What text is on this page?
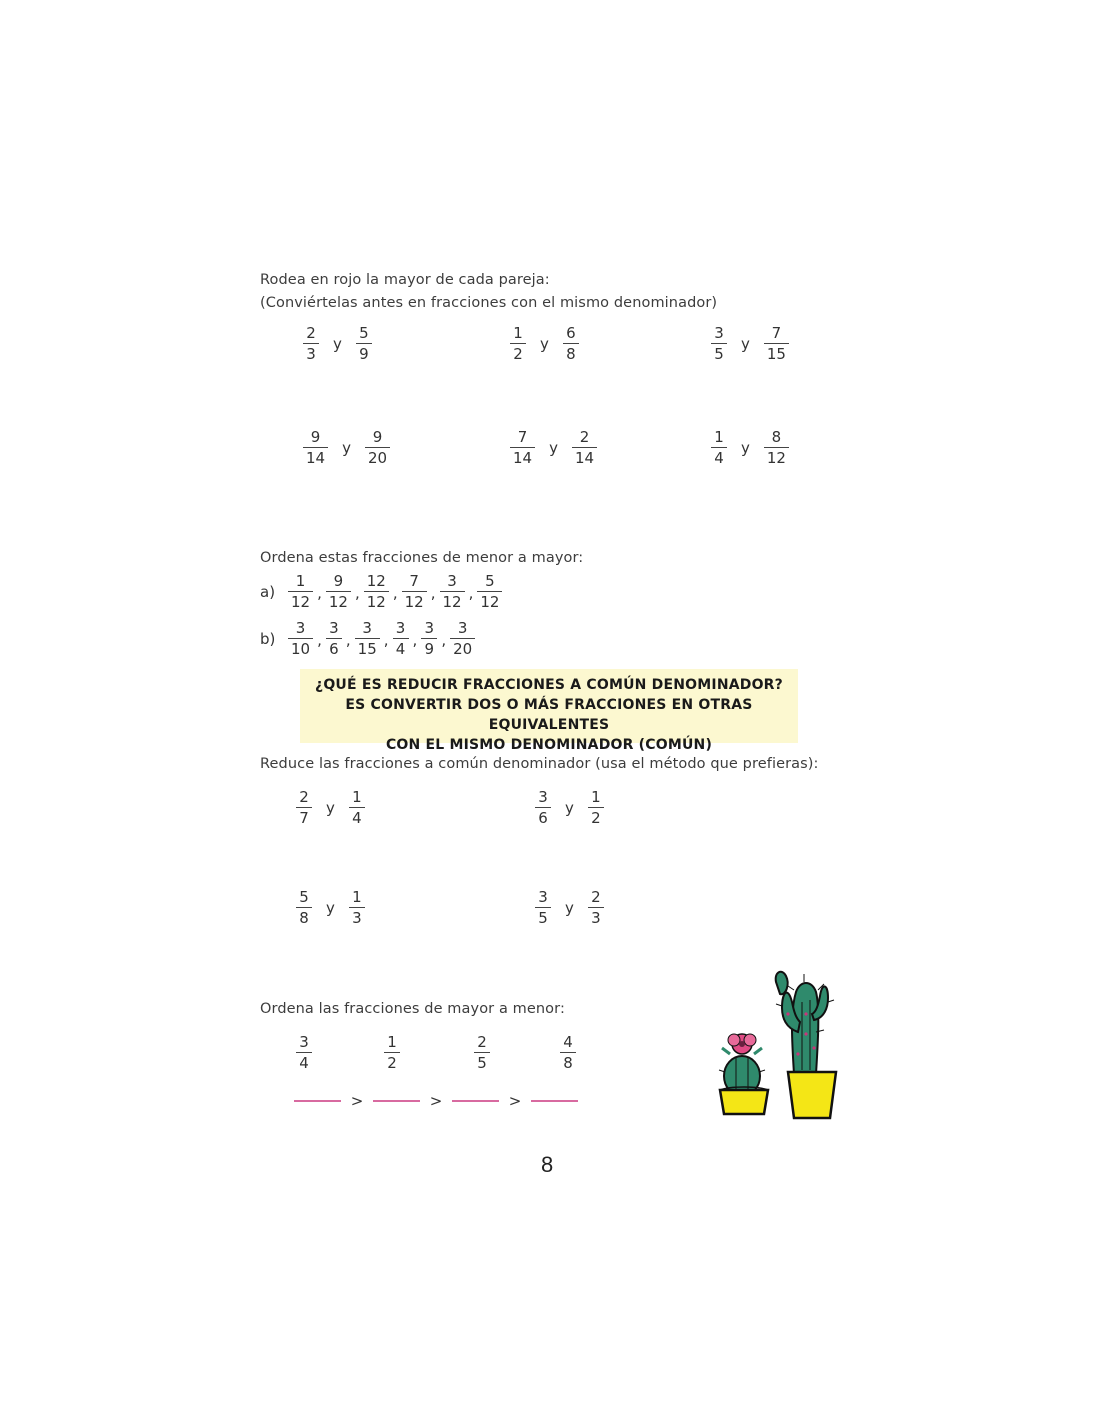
Rodea en rojo la mayor de cada pareja:
(Conviértelas antes en fracciones con el mismo denominador)
$\frac{2}{3}$ y $\frac{5}{9}$	$\frac{1}{2}$ y $\frac{6}{8}$	$\frac{3}{5}$ y $\frac{7}{15}$
$\frac{9}{14}$ y $\frac{9}{20}$	$\frac{7}{14}$ y $\frac{2}{14}$	$\frac{1}{4}$ y $\frac{8}{12}$
Ordena estas fracciones de menor a mayor:
$a) \frac{1}{12}$ , $\frac{9}{12}$ , $\frac{12}{12}$ , $\frac{7}{12}$ , $\frac{3}{12}$ , $\frac{5}{12}$
$b) \frac{3}{10}$ , $\frac{3}{6}$ , $\frac{3}{15}$ , $\frac{3}{4}$ , $\frac{3}{9}$ , $\frac{3}{20}$
¿QUÉ ES REDUCIR FRACCIONES A COMÚN DENOMINADOR?
ES CONVERTIR DOS O MÁS FRACCIONES EN OTRAS EQUIVALENTES
CON EL MISMO DENOMINADOR (COMÚN)
Reduce las fracciones a común denominador (usa el método que prefieras):
$\frac{2}{7}$ y $\frac{1}{4}$	$\frac{3}{6}$ y $\frac{1}{2}$
$\frac{5}{8}$ y $\frac{1}{3}$	$\frac{3}{5}$ y $\frac{2}{3}$
Ordena las fracciones de mayor a menor:
3
4
1
2
2
5
4
8
>	>	>
8
